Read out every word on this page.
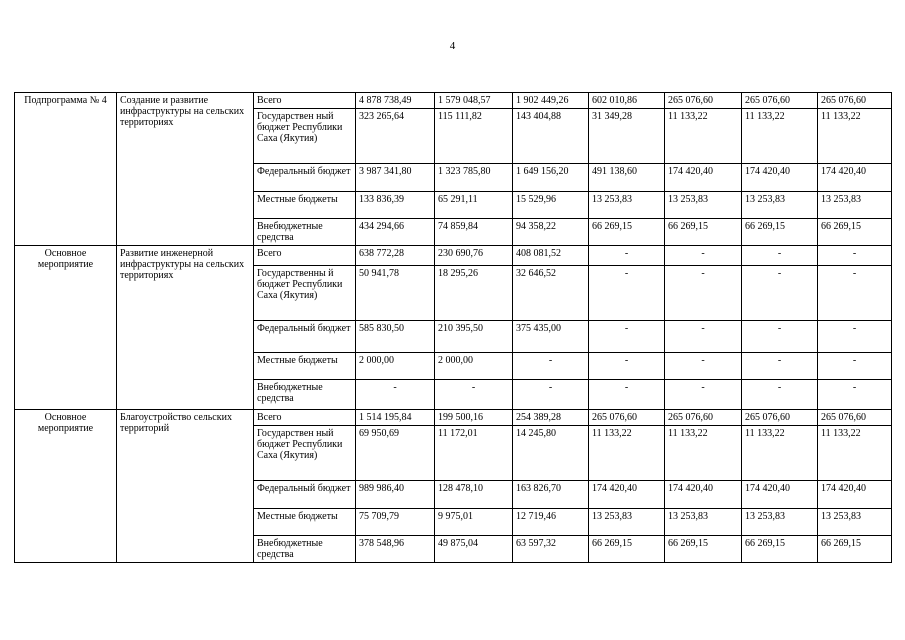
4
Подпрограмма № 4	Создание и развитие инфраструктуры на сельских территориях	Всего	4 878 738,49	1 579 048,57	1 902 449,26	602 010,86	265 076,60	265 076,60	265 076,60
		Государствен ный бюджет Республики Саха (Якутия)	323 265,64	115 111,82	143 404,88	31 349,28	11 133,22	11 133,22	11 133,22
		Федеральный бюджет	3 987 341,80	1 323 785,80	1 649 156,20	491 138,60	174 420,40	174 420,40	174 420,40
		Местные бюджеты	133 836,39	65 291,11	15 529,96	13 253,83	13 253,83	13 253,83	13 253,83
		Внебюджетные средства	434 294,66	74 859,84	94 358,22	66 269,15	66 269,15	66 269,15	66 269,15
Основное мероприятие	Развитие инженерной инфраструктуры на сельских территориях	Всего	638 772,28	230 690,76	408 081,52	-	-	-	-
		Государственны й бюджет Республики Саха (Якутия)	50 941,78	18 295,26	32 646,52	-	-	-	-
		Федеральный бюджет	585 830,50	210 395,50	375 435,00	-	-	-	-
		Местные бюджеты	2 000,00	2 000,00	-	-	-	-	-
		Внебюджетные средства	-	-	-	-	-	-	-
Основное мероприятие	Благоустройство сельских территорий	Всего	1 514 195,84	199 500,16	254 389,28	265 076,60	265 076,60	265 076,60	265 076,60
		Государствен ный бюджет Республики Саха (Якутия)	69 950,69	11 172,01	14 245,80	11 133,22	11 133,22	11 133,22	11 133,22
		Федеральный бюджет	989 986,40	128 478,10	163 826,70	174 420,40	174 420,40	174 420,40	174 420,40
		Местные бюджеты	75 709,79	9 975,01	12 719,46	13 253,83	13 253,83	13 253,83	13 253,83
		Внебюджетные средства	378 548,96	49 875,04	63 597,32	66 269,15	66 269,15	66 269,15	66 269,15
